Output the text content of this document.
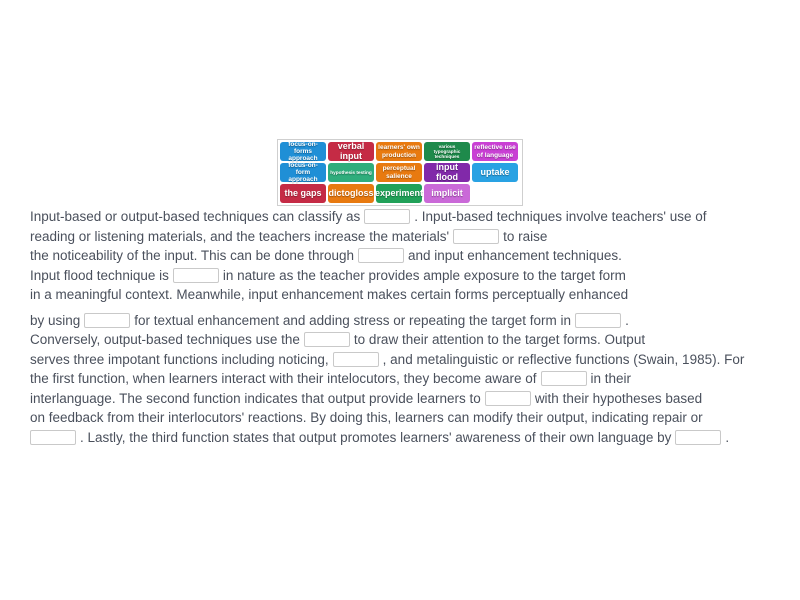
focus-on-forms approach
verbal input
learners' own production
various typographic techniques
reflective use of language
focus-on-form approach
hypothesis testing	perceptual salience
input flood	uptake
the gaps dictogloss experiment implicit
Input-based or output-based techniques can classify as	. Input-based techniques involve teachers' use of
reading or listening materials, and the teachers increase the materials'	to raise
the noticeability of the input. This can be done through	and input enhancement techniques.
Input flood technique is	in nature as the teacher provides ample exposure to the target form
in a meaningful context. Meanwhile, input enhancement makes certain forms perceptually enhanced
by using	for textual enhancement and adding stress or repeating the target form in	.
Conversely, output-based techniques use the	to draw their attention to the target forms. Output
serves three impotant functions including noticing,	, and metalinguistic or reflective functions (Swain, 1985). For
the first function, when learners interact with their intelocutors, they become aware of	in their
interlanguage. The second function indicates that output provide learners to	with their hypotheses based
on feedback from their interlocutors' reactions. By doing this, learners can modify their output, indicating repair or
. Lastly, the third function states that output promotes learners' awareness of their own language by	.
